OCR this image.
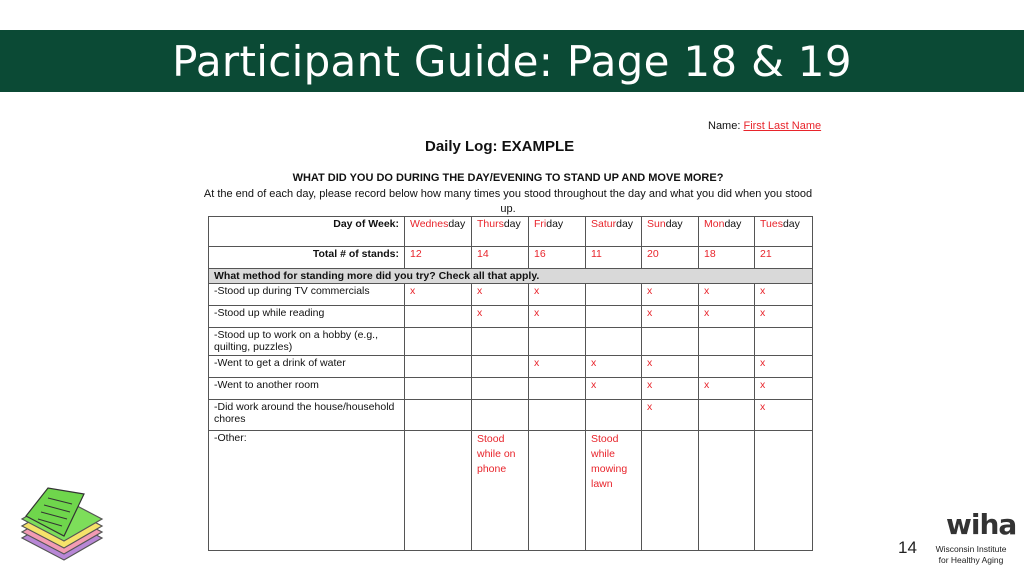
Participant Guide: Page 18 & 19
Name: First Last Name
Daily Log: EXAMPLE
WHAT DID YOU DO DURING THE DAY/EVENING TO STAND UP AND MOVE MORE?
At the end of each day, please record below how many times you stood throughout the day and what you did when you stood up.
Day of Week:	Wednesday	Thursday	Friday	Saturday	Sunday	Monday	Tuesday
Total # of stands:	12	14	16	11	20	18	21
What method for standing more did you try? Check all that apply.							
-Stood up during TV commercials	x	x	x		x	x	x
-Stood up while reading		x	x		x	x	x
-Stood up to work on a hobby (e.g., quilting, puzzles)							
-Went to get a drink of water			x	x	x		x
-Went to another room				x	x	x	x
-Did work around the house/household chores					x		x
-Other:		Stood while on phone		Stood while mowing lawn			
14
wiha
Wisconsin Institute
for Healthy Aging
